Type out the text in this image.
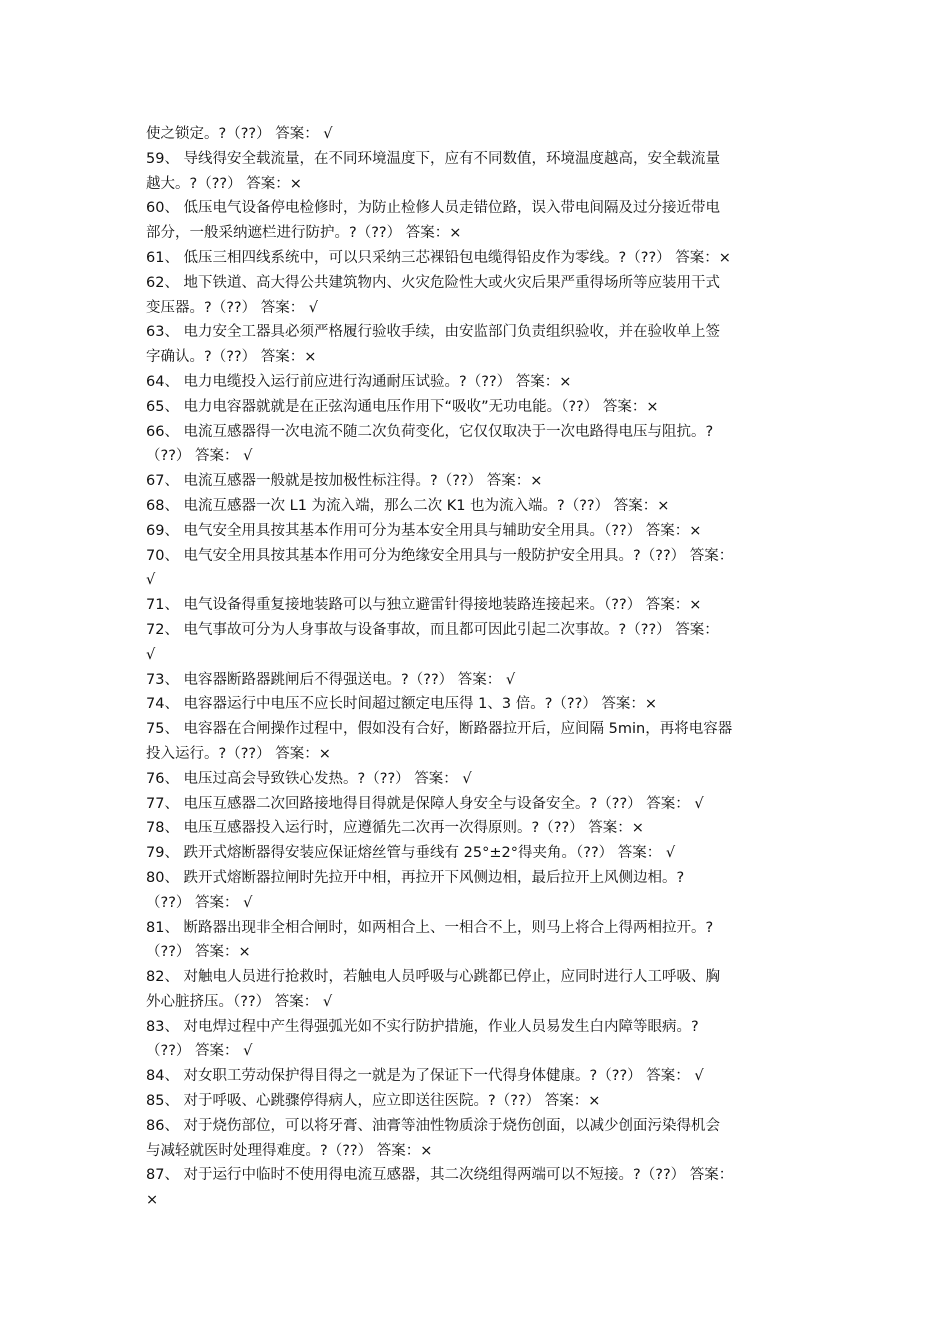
使之锁定。?（??） 答案： √
59、 导线得安全载流量，在不同环境温度下，应有不同数值，环境温度越高，安全载流量
越大。?（??） 答案：×
60、 低压电气设备停电检修时，为防止检修人员走错位路，误入带电间隔及过分接近带电
部分，一般采纳遮栏进行防护。?（??） 答案：×
61、 低压三相四线系统中，可以只采纳三芯裸铅包电缆得铅皮作为零线。?（??） 答案：×
62、 地下铁道、高大得公共建筑物内、火灾危险性大或火灾后果严重得场所等应装用干式
变压器。?（??） 答案： √
63、 电力安全工器具必须严格履行验收手续，由安监部门负责组织验收，并在验收单上签
字确认。?（??） 答案：×
64、 电力电缆投入运行前应进行沟通耐压试验。?（??） 答案：×
65、 电力电容器就就是在正弦沟通电压作用下“吸收”无功电能。（??） 答案：×
66、 电流互感器得一次电流不随二次负荷变化，它仅仅取决于一次电路得电压与阻抗。?
（??） 答案： √
67、 电流互感器一般就是按加极性标注得。?（??） 答案：×
68、 电流互感器一次 L1 为流入端，那么二次 K1 也为流入端。?（??） 答案：×
69、 电气安全用具按其基本作用可分为基本安全用具与辅助安全用具。（??） 答案：×
70、 电气安全用具按其基本作用可分为绝缘安全用具与一般防护安全用具。?（??） 答案：
√
71、 电气设备得重复接地装路可以与独立避雷针得接地装路连接起来。（??） 答案：×
72、 电气事故可分为人身事故与设备事故，而且都可因此引起二次事故。?（??） 答案：
√
73、 电容器断路器跳闸后不得强送电。?（??） 答案： √
74、 电容器运行中电压不应长时间超过额定电压得 1、3 倍。?（??） 答案：×
75、 电容器在合闸操作过程中，假如没有合好，断路器拉开后，应间隔 5min，再将电容器
投入运行。?（??） 答案：×
76、 电压过高会导致铁心发热。?（??） 答案： √
77、 电压互感器二次回路接地得目得就是保障人身安全与设备安全。?（??） 答案： √
78、 电压互感器投入运行时，应遵循先二次再一次得原则。?（??） 答案：×
79、 跌开式熔断器得安装应保证熔丝管与垂线有 25°±2°得夹角。（??） 答案： √
80、 跌开式熔断器拉闸时先拉开中相，再拉开下风侧边相，最后拉开上风侧边相。?
（??） 答案： √
81、 断路器出现非全相合闸时，如两相合上、一相合不上，则马上将合上得两相拉开。?
（??） 答案：×
82、 对触电人员进行抢救时，若触电人员呼吸与心跳都已停止，应同时进行人工呼吸、胸
外心脏挤压。（??） 答案： √
83、 对电焊过程中产生得强弧光如不实行防护措施，作业人员易发生白内障等眼病。?
（??） 答案： √
84、 对女职工劳动保护得目得之一就是为了保证下一代得身体健康。?（??） 答案： √
85、 对于呼吸、心跳骤停得病人，应立即送往医院。?（??） 答案：×
86、 对于烧伤部位，可以将牙膏、油膏等油性物质涂于烧伤创面，以减少创面污染得机会
与减轻就医时处理得难度。?（??） 答案：×
87、 对于运行中临时不使用得电流互感器，其二次绕组得两端可以不短接。?（??） 答案：
×
